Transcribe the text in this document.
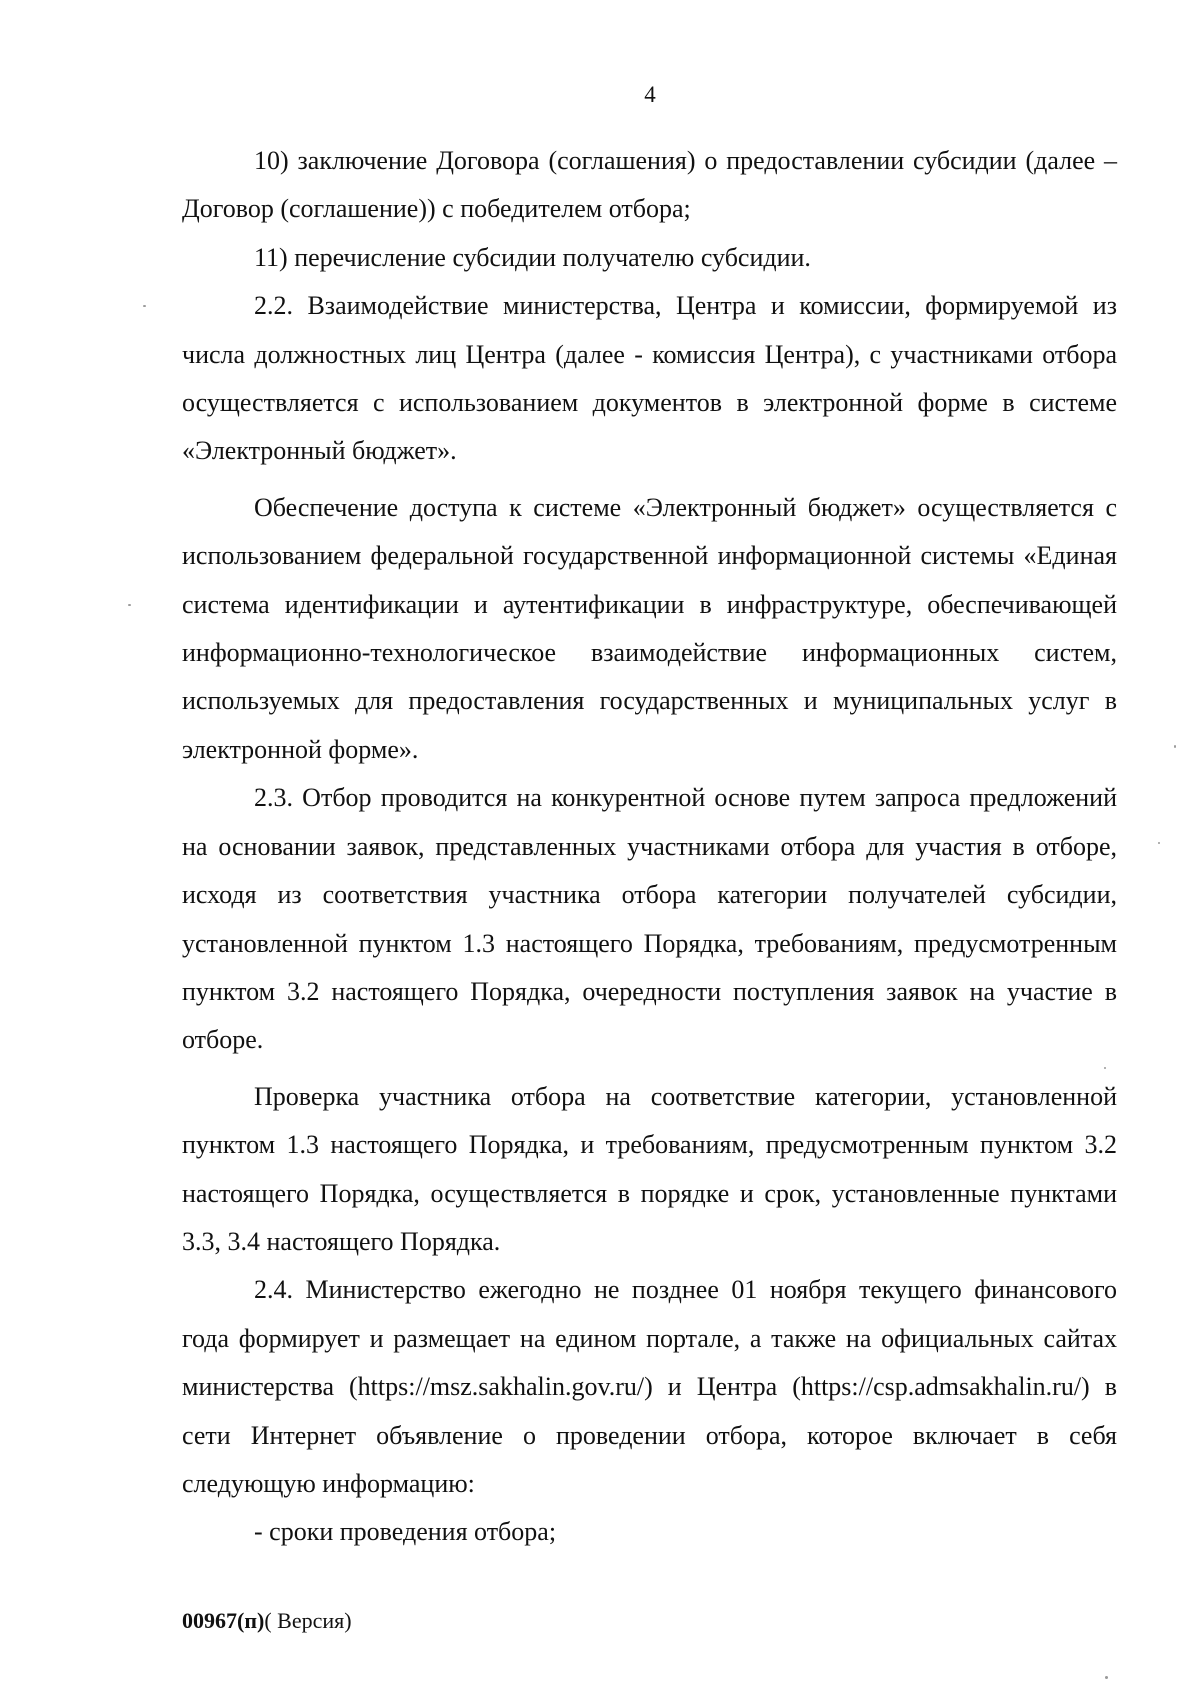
4

10) заключение Договора (соглашения) о предоставлении субсидии (далее – Договор (соглашение)) с победителем отбора;

11) перечисление субсидии получателю субсидии.

2.2. Взаимодействие министерства, Центра и комиссии, формируемой из числа должностных лиц Центра (далее - комиссия Центра), с участниками отбора осуществляется с использованием документов в электронной форме в системе «Электронный бюджет».

Обеспечение доступа к системе «Электронный бюджет» осуществляется с использованием федеральной государственной информационной системы «Единая система идентификации и аутентификации в инфраструктуре, обеспечивающей информационно-технологическое взаимодействие информационных систем, используемых для предоставления государственных и муниципальных услуг в электронной форме».

2.3. Отбор проводится на конкурентной основе путем запроса предложений на основании заявок, представленных участниками отбора для участия в отборе, исходя из соответствия участника отбора категории получателей субсидии, установленной пунктом 1.3 настоящего Порядка, требованиям, предусмотренным пунктом 3.2 настоящего Порядка, очередности поступления заявок на участие в отборе.

Проверка участника отбора на соответствие категории, установленной пунктом 1.3 настоящего Порядка, и требованиям, предусмотренным пунктом 3.2 настоящего Порядка, осуществляется в порядке и срок, установленные пунктами 3.3, 3.4 настоящего Порядка.

2.4. Министерство ежегодно не позднее 01 ноября текущего финансового года формирует и размещает на едином портале, а также на официальных сайтах министерства (https://msz.sakhalin.gov.ru/) и Центра (https://csp.admsakhalin.ru/) в сети Интернет объявление о проведении отбора, которое включает в себя следующую информацию:

- сроки проведения отбора;

00967(п)( Версия)
